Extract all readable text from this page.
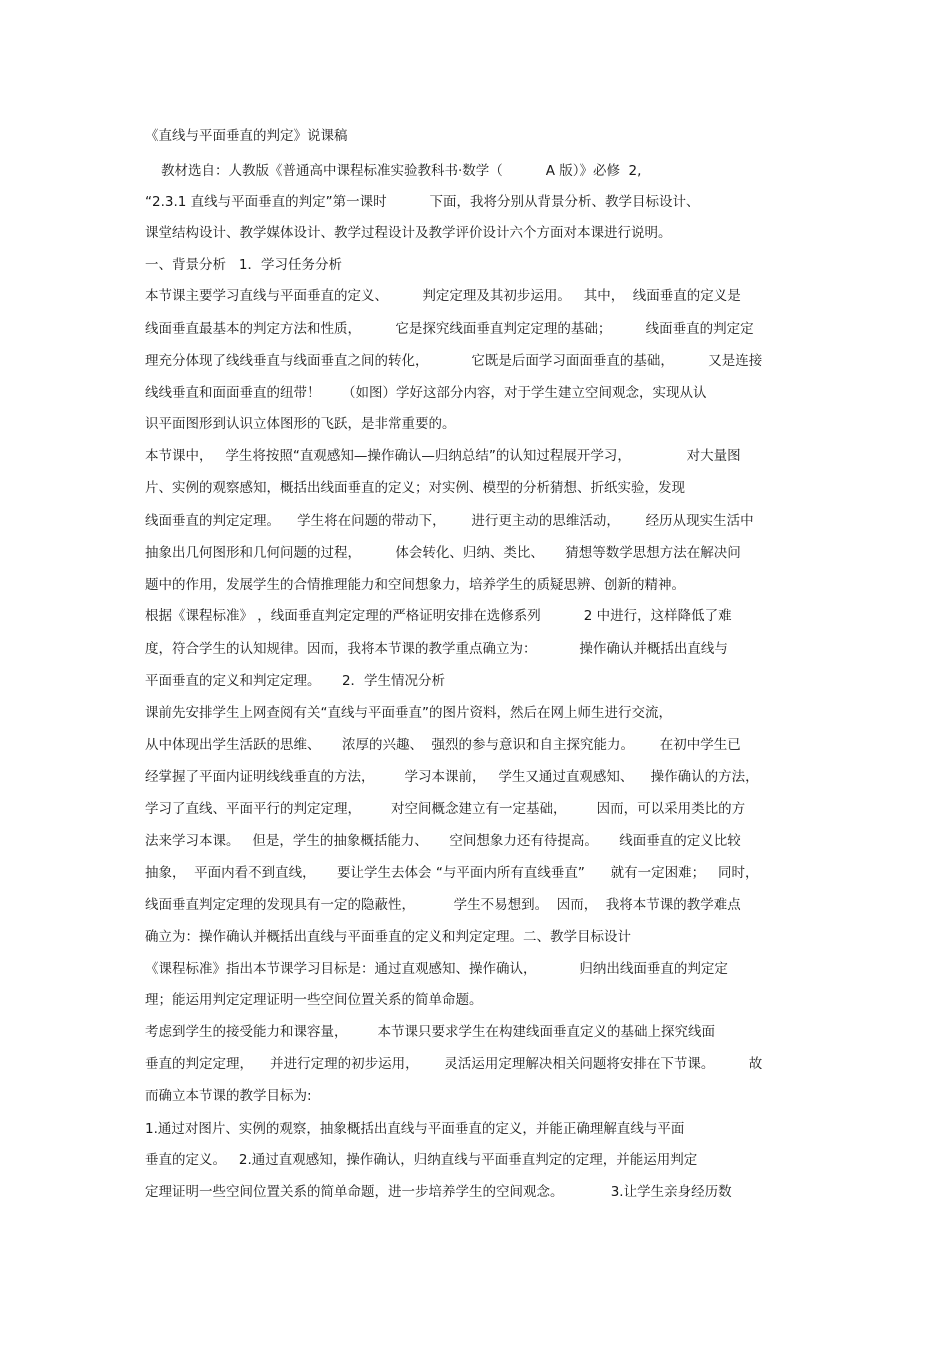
《直线与平面垂直的判定》说课稿

教材选自：人教版《普通高中课程标准实验教科书·数学（          A 版）》必修  2,

“2.3.1 直线与平面垂直的判定”第一课时          下面，我将分别从背景分析、教学目标设计、

课堂结构设计、教学媒体设计、教学过程设计及教学评价设计六个方面对本课进行说明。

一、背景分析   1．学习任务分析

本节课主要学习直线与平面垂直的定义、        判定定理及其初步运用。   其中，  线面垂直的定义是

线面垂直最基本的判定方法和性质，        它是探究线面垂直判定定理的基础；        线面垂直的判定定

理充分体现了线线垂直与线面垂直之间的转化，          它既是后面学习面面垂直的基础，        又是连接

线线垂直和面面垂直的纽带！     （如图）学好这部分内容，对于学生建立空间观念，实现从认

识平面图形到认识立体图形的飞跃，是非常重要的。

本节课中，   学生将按照“直观感知—操作确认—归纳总结”的认知过程展开学习，             对大量图

片、实例的观察感知，概括出线面垂直的定义；对实例、模型的分析猜想、折纸实验，发现

线面垂直的判定定理。    学生将在问题的带动下，      进行更主动的思维活动，      经历从现实生活中

抽象出几何图形和几何问题的过程，        体会转化、归纳、类比、     猜想等数学思想方法在解决问

题中的作用，发展学生的合情推理能力和空间想象力，培养学生的质疑思辨、创新的精神。

根据《课程标准》 ，线面垂直判定定理的严格证明安排在选修系列          2 中进行，这样降低了难

度，符合学生的认知规律。因而，我将本节课的教学重点确立为：          操作确认并概括出直线与

平面垂直的定义和判定定理。     2．学生情况分析

课前先安排学生上网查阅有关“直线与平面垂直”的图片资料，然后在网上师生进行交流，

从中体现出学生活跃的思维、     浓厚的兴趣、  强烈的参与意识和自主探究能力。      在初中学生已

经掌握了平面内证明线线垂直的方法，       学习本课前，   学生又通过直观感知、    操作确认的方法，

学习了直线、平面平行的判定定理，       对空间概念建立有一定基础，       因而，可以采用类比的方

法来学习本课。   但是，学生的抽象概括能力、     空间想象力还有待提高。     线面垂直的定义比较

抽象，  平面内看不到直线，     要让学生去体会 “与平面内所有直线垂直”      就有一定困难；   同时，

线面垂直判定定理的发现具有一定的隐蔽性，         学生不易想到。  因而，  我将本节课的教学难点

确立为：操作确认并概括出直线与平面垂直的定义和判定定理。二、教学目标设计

《课程标准》指出本节课学习目标是：通过直观感知、操作确认，          归纳出线面垂直的判定定

理；能运用判定定理证明一些空间位置关系的简单命题。

考虑到学生的接受能力和课容量，       本节课只要求学生在构建线面垂直定义的基础上探究线面

垂直的判定定理，    并进行定理的初步运用，      灵活运用定理解决相关问题将安排在下节课。        故

而确立本节课的教学目标为:

1.通过对图片、实例的观察，抽象概括出直线与平面垂直的定义，并能正确理解直线与平面

垂直的定义。   2.通过直观感知，操作确认，归纳直线与平面垂直判定的定理，并能运用判定

定理证明一些空间位置关系的简单命题，进一步培养学生的空间观念。           3.让学生亲身经历数
